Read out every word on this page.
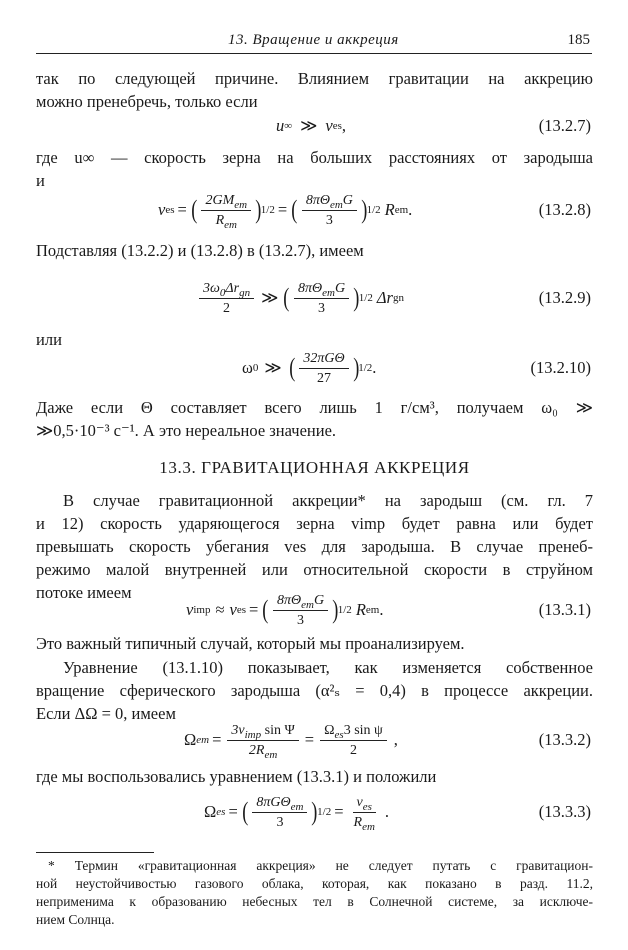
13. Вращение и аккреция	185
так по следующей причине. Влиянием гравитации на аккрецию
можно пренебречь, только если
u ∞ ≫ v es ,	(13.2.7)
где u∞ — скорость зерна на больших расстояниях от зародыша
и
v es = ( $\frac{2GM_{em}}{R_{em}}$ ) 1/2 = ( $\frac{8\pi\Theta_{em}G}{3}$ ) 1/2 R em .	(13.2.8)
Подставляя (13.2.2) и (13.2.8) в (13.2.7), имеем
$\frac{3\omega_0\Delta r_{gn}}{2}$ ≫ ( $\frac{8\pi\Theta_{em}G}{3}$ ) 1/2 Δr gn	(13.2.9)
или
ω 0 ≫ ( $\frac{\text{32πGΘ}}{27}$ ) 1/2 .	(13.2.10)
Даже если Θ составляет всего лишь 1 г/см³, получаем ω₀ ≫
≫0,5·10⁻³ с⁻¹. А это нереальное значение.
13.3. ГРАВИТАЦИОННАЯ АККРЕЦИЯ
В случае гравитационной аккреции* на зародыш (см. гл. 7
и 12) скорость ударяющегося зерна vimp будет равна или будет
превышать скорость убегания ves для зародыша. В случае пренеб-
режимо малой внутренней или относительной скорости в струйном
потоке имеем
v imp ≈ v es = ( $\frac{8\pi\Theta_{em}G}{3}$ ) 1/2 R em .	(13.3.1)
Это важный типичный случай, который мы проанализируем.
Уравнение (13.1.10) показывает, как изменяется собственное
вращение сферического зародыша (α²ₛ = 0,4) в процессе аккреции.
Если ΔΩ = 0, имеем
Ω em = $\frac{3v_{imp} \sin \Psi}{2R_{em}} = \frac{\Omega_{es}3 \sin \psi}{2}$ ,	(13.3.2)
где мы воспользовались уравнением (13.3.1) и положили
Ω es = ( $\frac{8\pi G\Theta_{em}}{3}$ ) $1/2 = \frac{v_{es}}{R_{em}}$ .	(13.3.3)
* Термин «гравитационная аккреция» не следует путать с гравитацион-
ной неустойчивостью газового облака, которая, как показано в разд. 11.2,
неприменима к образованию небесных тел в Солнечной системе, за исключе-
нием Солнца.
